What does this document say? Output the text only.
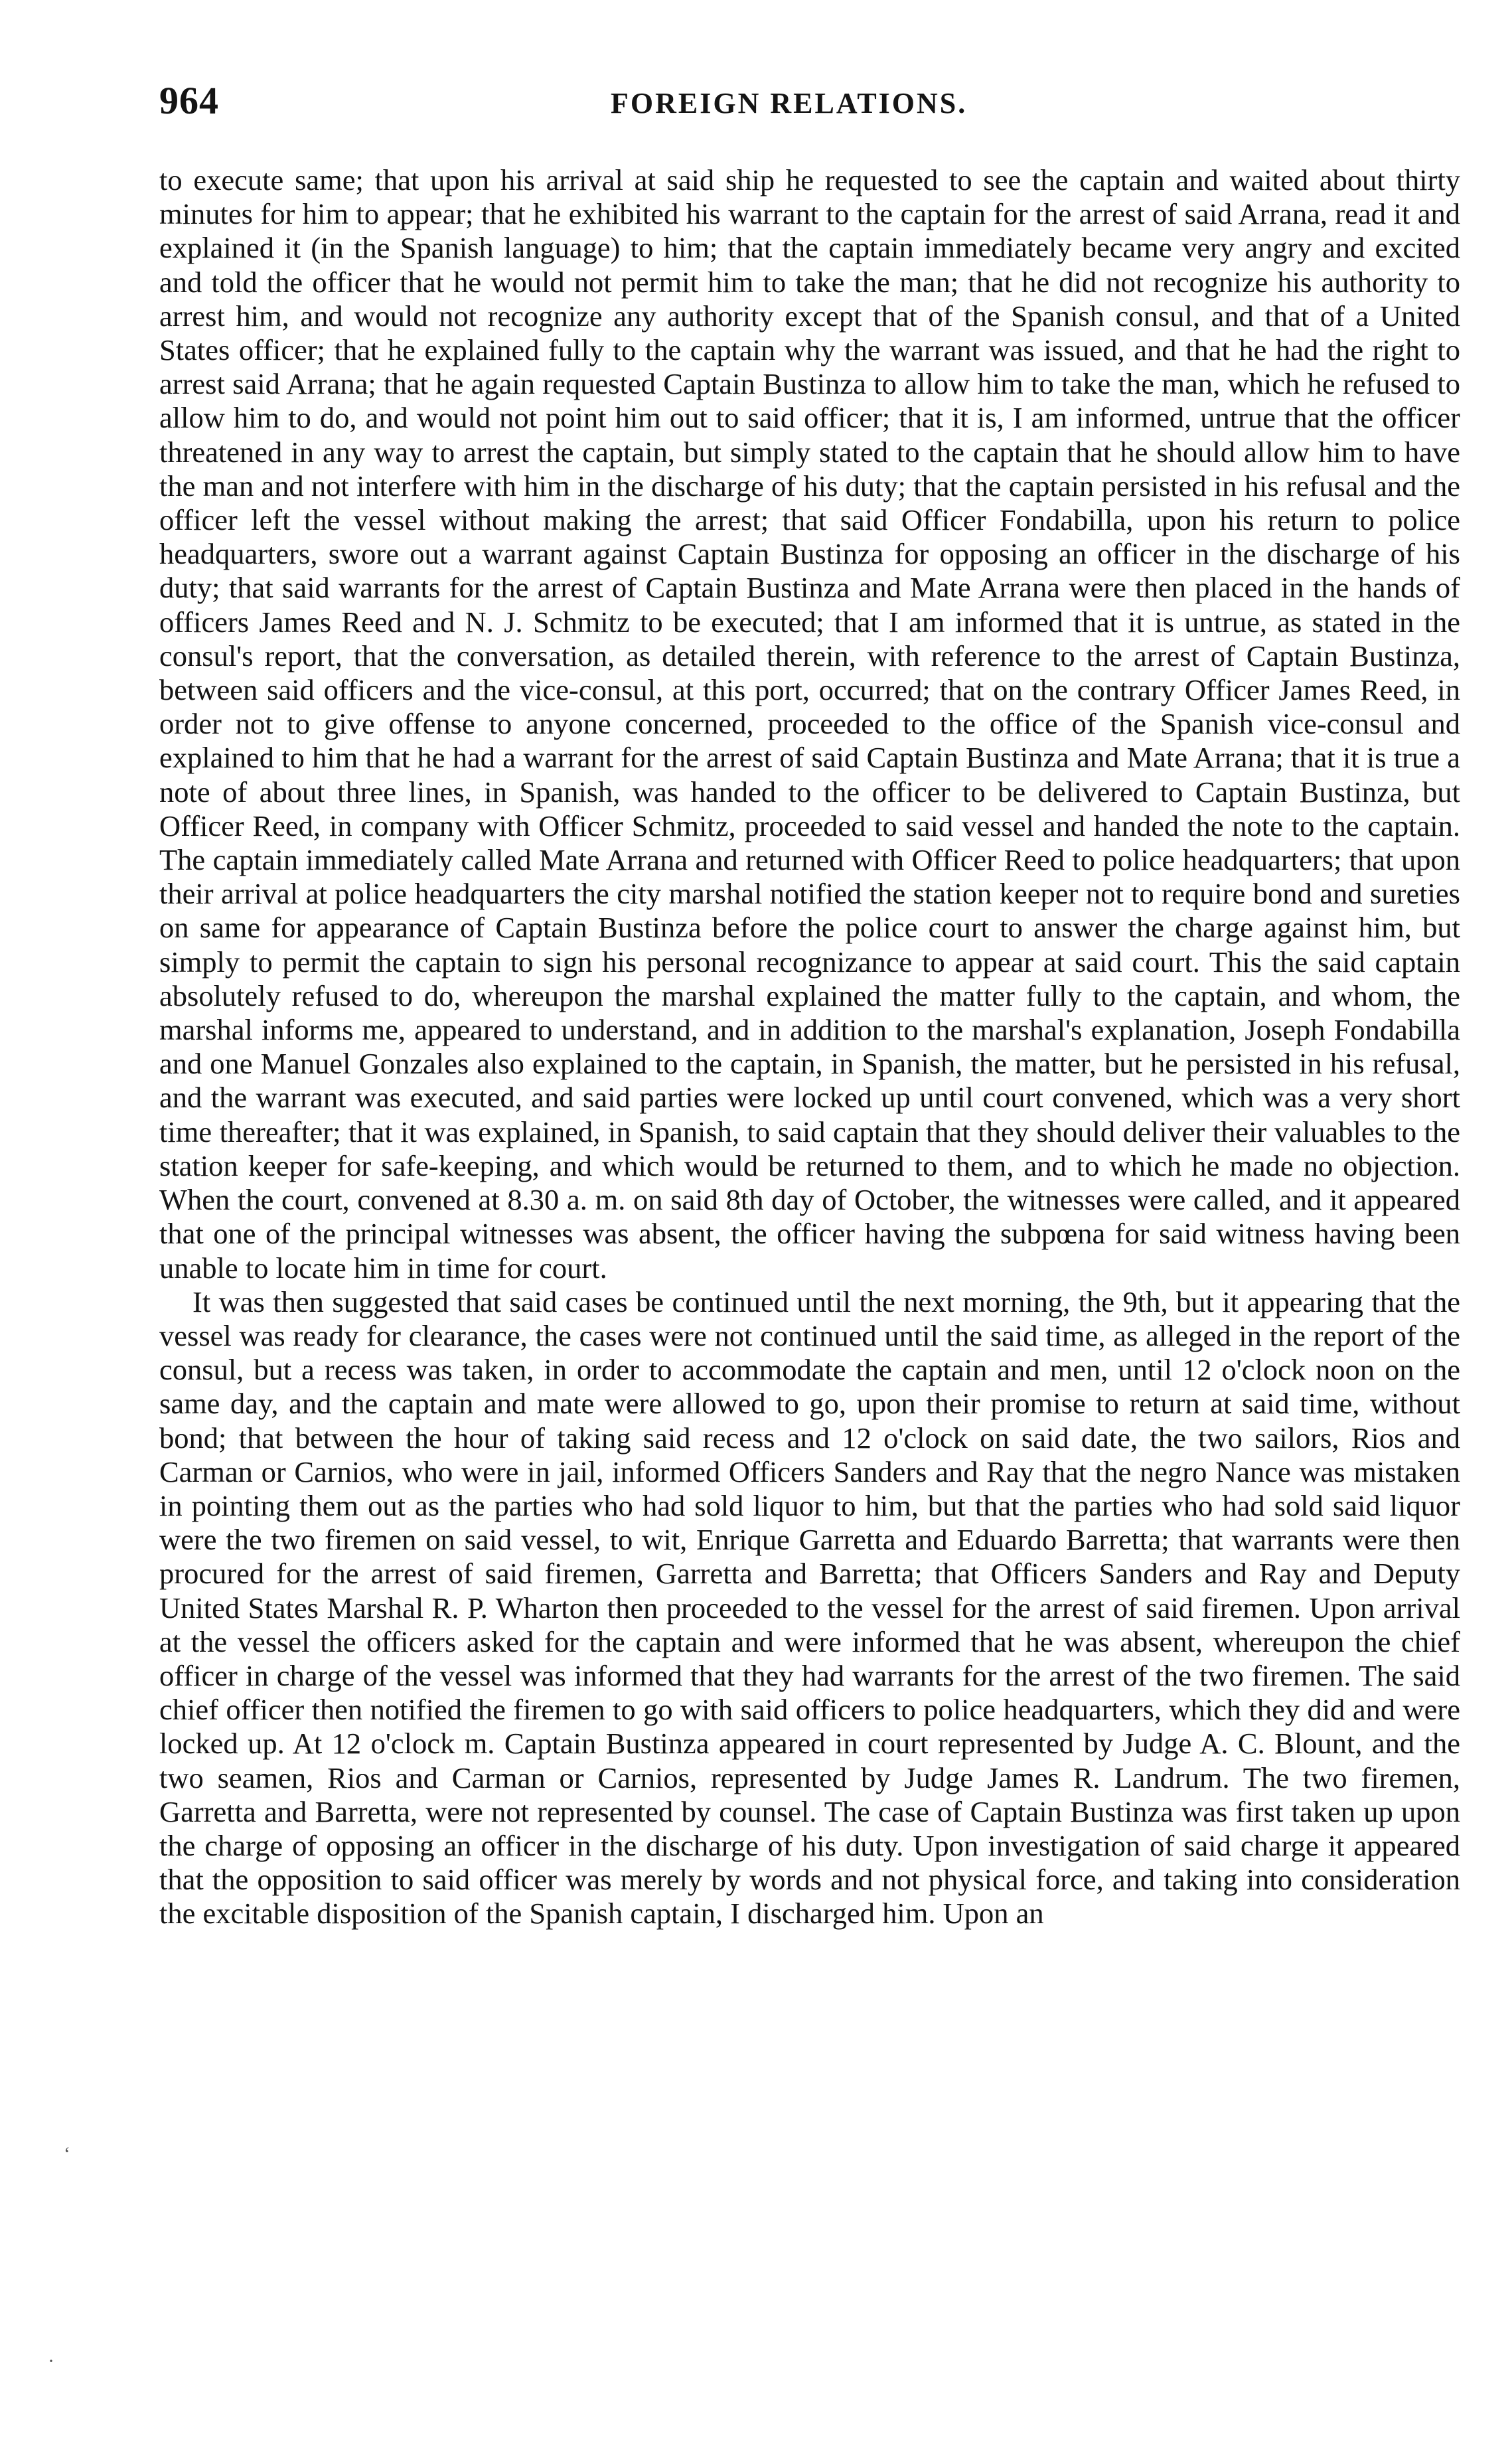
964	FOREIGN RELATIONS.

to execute same; that upon his arrival at said ship he requested to see the captain and waited about thirty minutes for him to appear; that he exhibited his warrant to the captain for the arrest of said Arrana, read it and explained it (in the Spanish language) to him; that the captain immediately became very angry and excited and told the officer that he would not permit him to take the man; that he did not recognize his authority to arrest him, and would not recognize any authority except that of the Spanish consul, and that of a United States officer; that he explained fully to the captain why the warrant was issued, and that he had the right to arrest said Arrana; that he again requested Captain Bustinza to allow him to take the man, which he refused to allow him to do, and would not point him out to said officer; that it is, I am informed, untrue that the officer threatened in any way to arrest the captain, but simply stated to the captain that he should allow him to have the man and not interfere with him in the discharge of his duty; that the captain persisted in his refusal and the officer left the vessel without making the arrest; that said Officer Fondabilla, upon his return to police headquarters, swore out a warrant against Captain Bustinza for opposing an officer in the discharge of his duty; that said warrants for the arrest of Captain Bustinza and Mate Arrana were then placed in the hands of officers James Reed and N. J. Schmitz to be executed; that I am informed that it is untrue, as stated in the consul's report, that the conversation, as detailed therein, with reference to the arrest of Captain Bustinza, between said officers and the vice-consul, at this port, occurred; that on the contrary Officer James Reed, in order not to give offense to anyone concerned, proceeded to the office of the Spanish vice-consul and explained to him that he had a warrant for the arrest of said Captain Bustinza and Mate Arrana; that it is true a note of about three lines, in Spanish, was handed to the officer to be delivered to Captain Bustinza, but Officer Reed, in company with Officer Schmitz, proceeded to said vessel and handed the note to the captain. The captain immediately called Mate Arrana and returned with Officer Reed to police headquarters; that upon their arrival at police headquarters the city marshal notified the station keeper not to require bond and sureties on same for appearance of Captain Bustinza before the police court to answer the charge against him, but simply to permit the captain to sign his personal recognizance to appear at said court. This the said captain absolutely refused to do, whereupon the marshal explained the matter fully to the captain, and whom, the marshal informs me, appeared to understand, and in addition to the marshal's explanation, Joseph Fondabilla and one Manuel Gonzales also explained to the captain, in Spanish, the matter, but he persisted in his refusal, and the warrant was executed, and said parties were locked up until court convened, which was a very short time thereafter; that it was explained, in Spanish, to said captain that they should deliver their valuables to the station keeper for safe-keeping, and which would be returned to them, and to which he made no objection. When the court, convened at 8.30 a. m. on said 8th day of October, the witnesses were called, and it appeared that one of the principal witnesses was absent, the officer having the subpœna for said witness having been unable to locate him in time for court.

It was then suggested that said cases be continued until the next morning, the 9th, but it appearing that the vessel was ready for clearance, the cases were not continued until the said time, as alleged in the report of the consul, but a recess was taken, in order to accommodate the captain and men, until 12 o'clock noon on the same day, and the captain and mate were allowed to go, upon their promise to return at said time, without bond; that between the hour of taking said recess and 12 o'clock on said date, the two sailors, Rios and Carman or Carnios, who were in jail, informed Officers Sanders and Ray that the negro Nance was mistaken in pointing them out as the parties who had sold liquor to him, but that the parties who had sold said liquor were the two firemen on said vessel, to wit, Enrique Garretta and Eduardo Barretta; that warrants were then procured for the arrest of said firemen, Garretta and Barretta; that Officers Sanders and Ray and Deputy United States Marshal R. P. Wharton then proceeded to the vessel for the arrest of said firemen. Upon arrival at the vessel the officers asked for the captain and were informed that he was absent, whereupon the chief officer in charge of the vessel was informed that they had warrants for the arrest of the two firemen. The said chief officer then notified the firemen to go with said officers to police headquarters, which they did and were locked up. At 12 o'clock m. Captain Bustinza appeared in court represented by Judge A. C. Blount, and the two seamen, Rios and Carman or Carnios, represented by Judge James R. Landrum. The two firemen, Garretta and Barretta, were not represented by counsel. The case of Captain Bustinza was first taken up upon the charge of opposing an officer in the discharge of his duty. Upon investigation of said charge it appeared that the opposition to said officer was merely by words and not physical force, and taking into consideration the excitable disposition of the Spanish captain, I discharged him. Upon an

‘
·
